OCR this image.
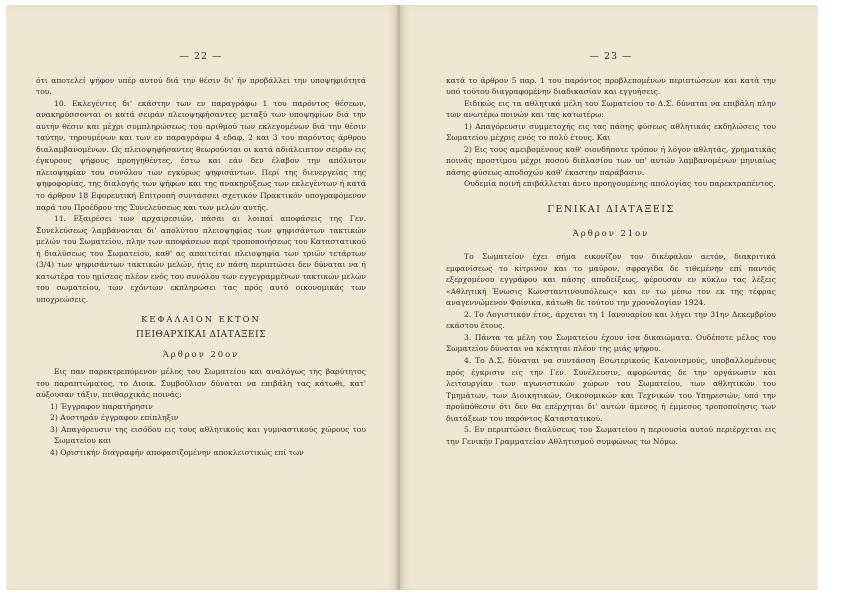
— 22 —

ότι αποτελεί ψήφον υπέρ αυτού διά την θέσιν δι' ήν προβάλλει την υποψηφιότητά του.

10. Εκλεγέντες δι' εκάστην των εν παραγράφω 1 του παρόντος θέσεων, ανακηρύσσονται οι κατά σειράν πλειοψηφήσαντες μεταξύ των υποψηφίων διά την αυτήν θέσιν και μέχρι συμπληρώσεως του αριθμού των εκλεγομένων διά την θέσιν ταύτην, τηρουμένων και των εν παραγράφω 4 εδαφ. 2 και 3 του παρόντος άρθρου διαλαμβανομένων. Ως πλειοψηφήσαντες θεωρούνται οι κατά αδιάλειπτον σειράν εις έγκυρους ψήφους προηγηθέντες, έστω και εάν δεν έλαβον την απόλυτον πλειοψηφίαν του συνόλου των εγκύρως ψηφισάντων. Περί της διενεργείας της ψηφοφορίας, της διαλογής των ψήφων και της ανακηρύξεως των εκλεγέντων ή κατά το άρθρον 18 Εφορευτική Επιτροπή συντάσσει σχετικόν Πρακτικόν υπογραφόμενον παρά του Προέδρου της Συνελεύσεως και των μελών αυτής.

11. Εξαιρέσει των αρχαιρεσιών, πάσαι αι λοιπαί αποφάσεις της Γεν. Συνελεύσεως λαμβάνονται δι' απολύτου πλειοψηφίας των ψηφισάντων τακτικών μελών του Σωματείου, πλην των αποφάσεων περί τροποποιήσεως του Καταστατικού ή διαλύσεως του Σωματείου, καθ' ας απαιτείται πλειοψηφία των τριών τετάρτων (3/4) των ψηφισάντων τακτικών μελών, ήτις εν πάση περιπτώσει δεν δύναται να ή κατωτέρα του ημίσεος πλέον ενός του συνόλου των εγγεγραμμένων τακτικών μελών του σωματείου, των εχόντων εκπληρώσει τας πρός αυτό οικονομικάς των υποχρεώσεις.

ΚΕΦΑΛΑΙΟΝ ΕΚΤΟΝ
ΠΕΙΘΑΡΧΙΚΑΙ ΔΙΑΤΑΞΕΙΣ
Άρθρον 20ον

Εις παν παρεκτρεπόμενον μέλος του Σωματείου και αναλόγως της βαρύτητος του παραπτώματος, το Διοικ. Συμβούλιον δύναται να επιβάλη τας κάτωθι, κατ' αύξουσαν τάξιν, πειθαρχικάς ποινάς:

1) Έγγραφον παρατήρησιν

2) Αυστηράν έγγραφον επίπληξιν

3) Απαγόρευσιν της εισόδου εις τους αθλητικούς και γυμναστικούς χώρους του Σωματείου και

4) Οριστικήν διαγραφήν αποφασιζομένην αποκλειστικώς επί των

— 23 —

κατά το άρθρον 5 παρ. 1 του παρόντος προβλεπομένων περιπτώσεων και κατά την υπό τούτου διαγραφομένην διαδικασίαν και εγγυήσεις.

Ειδικώς εις τα αθλητικά μέλη του Σωματείου το Δ.Σ. δύναται να επιβάλη πλην των ανωτέρω ποινών και τας κατωτέρω:

1) Απαγόρευσιν συμμετοχής εις τας πάσης φύσεως αθλητικάς εκδηλώσεις του Σωματείου μέχρις ενός το πολύ έτους. Και

2) Εις τους αμειβομένους καθ' οιονδήποτε τρόπον ή λόγον αθλητάς, χρηματικάς ποινάς προστίμου μέχρι ποσού διπλασίου των υπ' αυτών λαμβανομένων μηνιαίως πάσης φύσεως αποδοχών καθ' έκαστην παράβασιν.

Ουδεμία ποινή επιβάλλεται άνευ προηγουμένης απολογίας του παρεκτραπέντος.

ΓΕΝΙΚΑΙ ΔΙΑΤΑΞΕΙΣ
Άρθρον 21ον

Το Σωματείον έχει σήμα εικονίζον τον δικέφαλον αετόν, διακριτικά εμφανίσεως το κίτρινον και το μαύρον, σφραγίδα δε τιθεμένην επί παντός εξερχομένου εγγράφου και πάσης αποδείξεως, φέρουσαν εν κύκλω τας λέξεις «Αθλητική Ένωσις Κωνσταντινουπόλεως» και εν τω μέσω τον εκ της τέφρας αναγεννώμενον Φοίνικα, κάτωθι δε τούτου την χρονολογίαν 1924.

2. Το Λογιστικόν έτος, άρχεται τη 1 Ιανουαρίου και λήγει την 31ην Δεκεμβρίου εκάστου έτους.

3. Πάντα τα μέλη του Σωματείου έχουν ίσα δικαιώματα. Ουδέποτε μέλος του Σωματείου δύναται να κέκτηται πλέον της μιάς ψήφου.

4. Το Δ.Σ. δύναται να συντάσση Εσωτερικούς Κανονισμούς, υποβαλλομένους πρός έγκρισιν εις την Γεν. Συνέλευσιν, αφορώντας δε την οργάνωσιν και λειτουργίαν των αγωνιστικών χώρων του Σωματείου, των αθλητικών του Τμημάτων, των Διοικητικών, Οικονομικών και Τεχνικών του Υπηρεσιών, υπό την προϋπόθεσιν ότι δεν θα επέρχηται δι' αυτών άμεσος ή έμμεσος τροποποίησις των διατάξεων του παρόντος Καταστατικού.

5. Εν περιπτώσει διαλύσεως του Σωματείου η περιουσία αυτού περιέρχεται εις την Γενικήν Γραμματείαν Αθλητισμού συμφώνως τω Νόμω.
